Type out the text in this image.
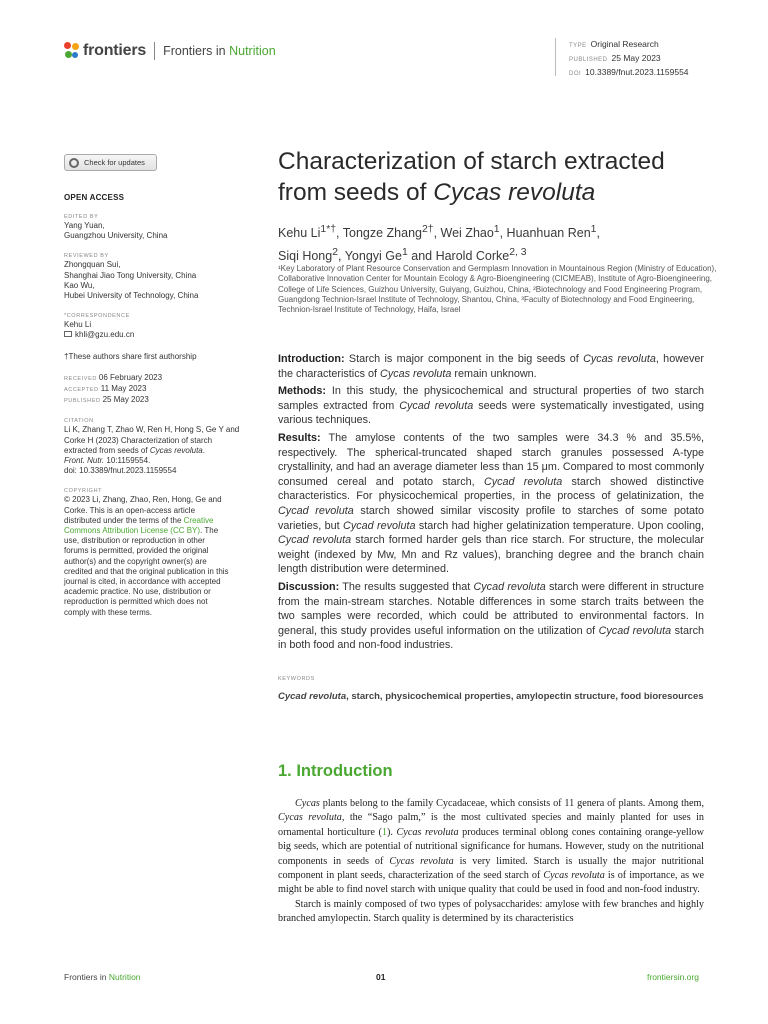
frontiers Frontiers in Nutrition	TYPE Original Research
PUBLISHED 25 May 2023
DOI 10.3389/fnut.2023.1159554
Check for updates
OPEN ACCESS
EDITED BY
Yang Yuan,
Guangzhou University, China
REVIEWED BY
Zhongquan Sui,
Shanghai Jiao Tong University, China
Kao Wu,
Hubei University of Technology, China
*CORRESPONDENCE
Kehu Li
khli@gzu.edu.cn
†These authors share first authorship
RECEIVED 06 February 2023
ACCEPTED 11 May 2023
PUBLISHED 25 May 2023
CITATION
Li K, Zhang T, Zhao W, Ren H, Hong S, Ge Y and
Corke H (2023) Characterization of starch
extracted from seeds of Cycas revoluta.
Front. Nutr. 10:1159554.
doi: 10.3389/fnut.2023.1159554
COPYRIGHT
© 2023 Li, Zhang, Zhao, Ren, Hong, Ge and
Corke. This is an open-access article
distributed under the terms of the Creative
Commons Attribution License (CC BY). The
use, distribution or reproduction in other
forums is permitted, provided the original
author(s) and the copyright owner(s) are
credited and that the original publication in this
journal is cited, in accordance with accepted
academic practice. No use, distribution or
reproduction is permitted which does not
comply with these terms.
Characterization of starch extracted
from seeds of Cycas revoluta
Kehu $Li^{1*\dagger}$, Tongze Zhang$^{2\dagger}$, Wei Zhao$^1$, Huanhuan Ren$^1$,
Siqi Hong$^2$, Yongyi Ge$^1$ and Harold Corke$^{2, 3}$
¹Key Laboratory of Plant Resource Conservation and Germplasm Innovation in Mountainous Region (Ministry of Education), Collaborative Innovation Center for Mountain Ecology & Agro-Bioengineering (CICMEAB), Institute of Agro-Bioengineering, College of Life Sciences, Guizhou University, Guiyang, Guizhou, China, ²Biotechnology and Food Engineering Program, Guangdong Technion-Israel Institute of Technology, Shantou, China, ³Faculty of Biotechnology and Food Engineering, Technion-Israel Institute of Technology, Haifa, Israel

Introduction: Starch is major component in the big seeds of Cycas revoluta, however the characteristics of Cycas revoluta remain unknown.

Methods: In this study, the physicochemical and structural properties of two starch samples extracted from Cycad revoluta seeds were systematically investigated, using various techniques.

Results: The amylose contents of the two samples were 34.3 % and 35.5%, respectively. The spherical-truncated shaped starch granules possessed A-type crystallinity, and had an average diameter less than 15 μm. Compared to most commonly consumed cereal and potato starch, Cycad revoluta starch showed distinctive characteristics. For physicochemical properties, in the process of gelatinization, the Cycad revoluta starch showed similar viscosity profile to starches of some potato varieties, but Cycad revoluta starch had higher gelatinization temperature. Upon cooling, Cycad revoluta starch formed harder gels than rice starch. For structure, the molecular weight (indexed by Mw, Mn and Rz values), branching degree and the branch chain length distribution were determined.

Discussion: The results suggested that Cycad revoluta starch were different in structure from the main-stream starches. Notable differences in some starch traits between the two samples were recorded, which could be attributed to environmental factors. In general, this study provides useful information on the utilization of Cycad revoluta starch in both food and non-food industries.

KEYWORDS
Cycad revoluta, starch, physicochemical properties, amylopectin structure, food bioresources
1. Introduction

Cycas plants belong to the family Cycadaceae, which consists of 11 genera of plants. Among them, Cycas revoluta, the “Sago palm,” is the most cultivated species and mainly planted for uses in ornamental horticulture (1). Cycas revoluta produces terminal oblong cones containing orange-yellow big seeds, which are potential of nutritional significance for humans. However, study on the nutritional components in seeds of Cycas revoluta is very limited. Starch is usually the major nutritional component in plant seeds, characterization of the seed starch of Cycas revoluta is of importance, as we might be able to find novel starch with unique quality that could be used in food and non-food industry.

Starch is mainly composed of two types of polysaccharides: amylose with few branches and highly branched amylopectin. Starch quality is determined by its characteristics

Frontiers in Nutrition	01	frontiersin.org
